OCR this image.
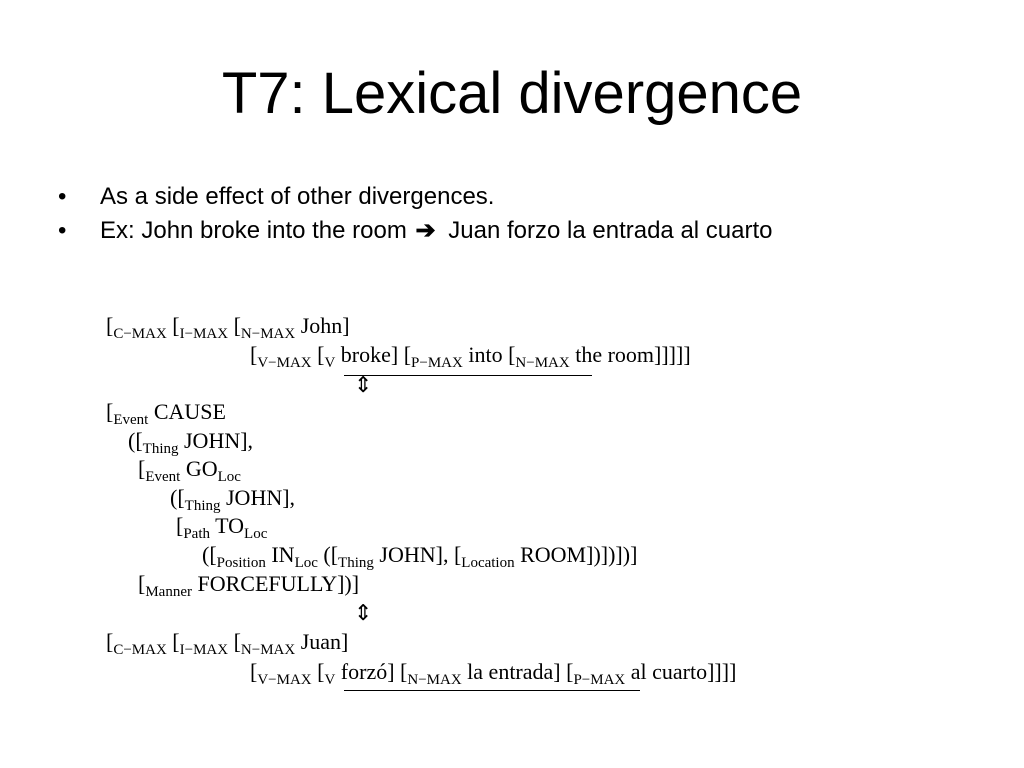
T7: Lexical divergence
• As a side effect of other divergences.
• Ex: John broke into the room ➔ Juan forzo la entrada al cuarto
[$_{C-MAX}$ [$_{I-MAX}$ [$_{N-MAX}$ John]
[$_{V-MAX}$ [$_V$ broke] [$_{P-MAX}$ into [$_{N-MAX}$ the room]]]]]
⇕
[$_{Event}$ CAUSE
([$_{Thing}$ JOHN],
[$_{Event}$ $GO_{Loc}$
([$_{Thing}$ JOHN],
[$_{Path}$ $TO_{Loc}$
([$_{Position}$ $IN_{Loc}$ ([$_{Thing}$ JOHN], [$_{Location}$ ROOM])])])]
[$_{Manner}$ FORCEFULLY])]
⇕
[$_{C-MAX}$ [$_{I-MAX}$ [$_{N-MAX}$ Juan]
[$_{V-MAX}$ [$_V$ forzó] [$_{N-MAX}$ la entrada] [$_{P-MAX}$ al cuarto]]]]
